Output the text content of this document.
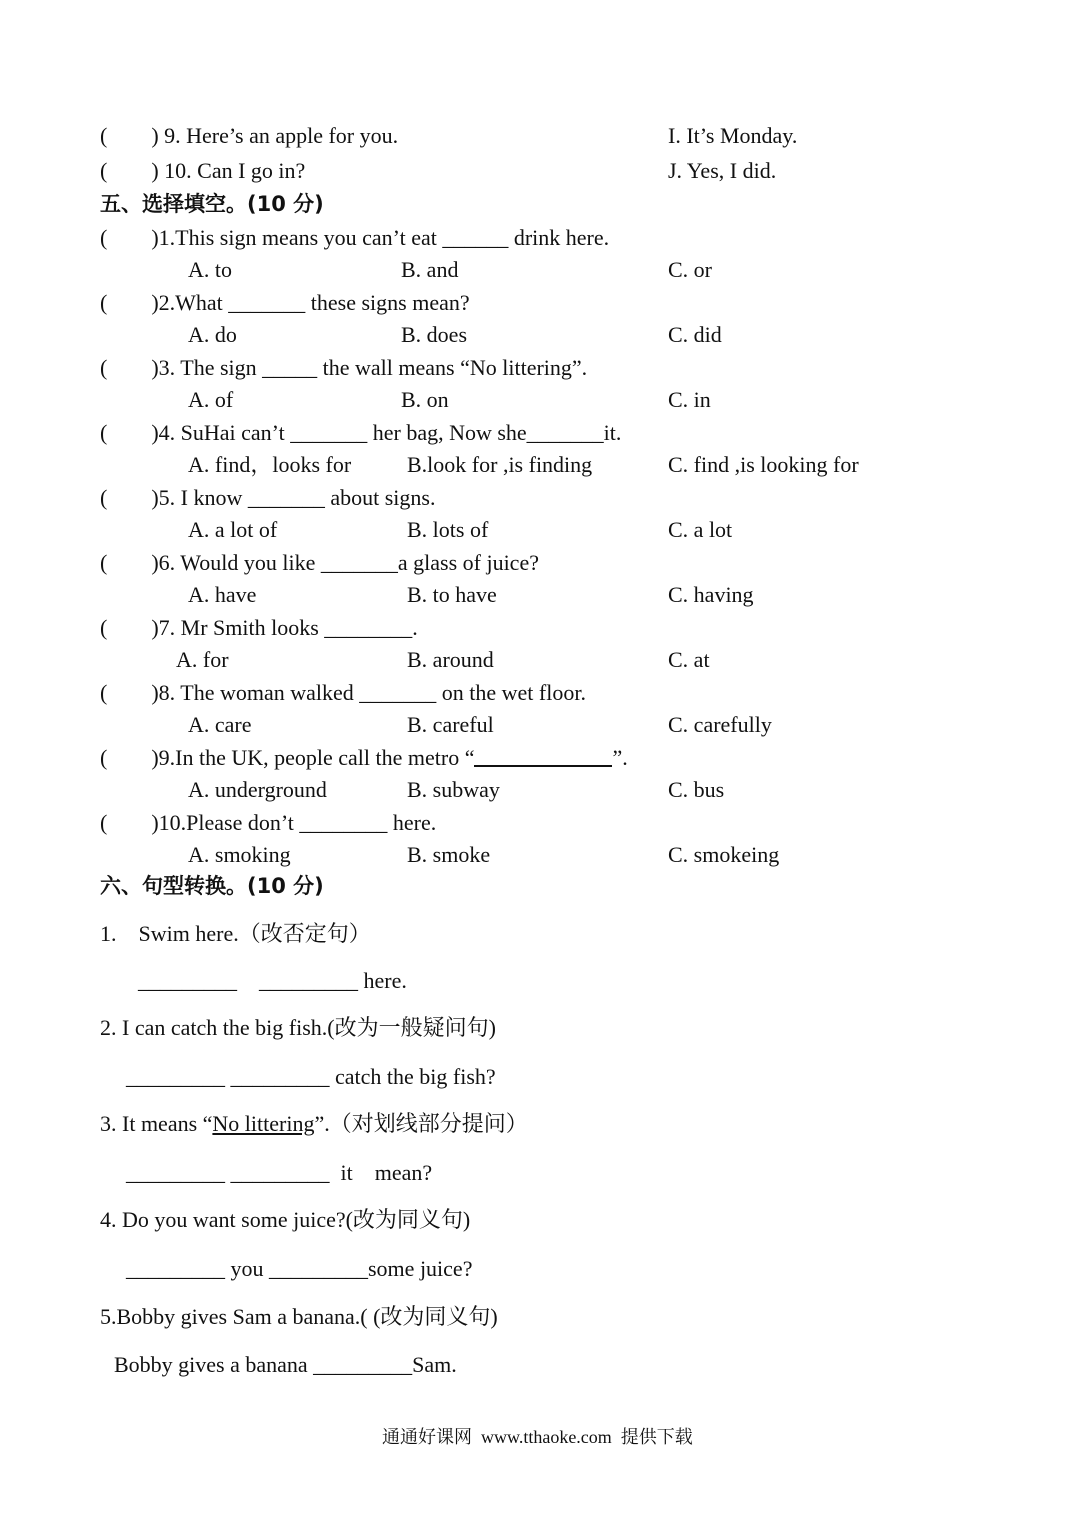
(        ) 9. Here’s an apple for you.	I. It’s Monday.
(        ) 10. Can I go in?	J. Yes, I did.
五、选择填空。(10 分)
(        )1.This sign means you can’t eat ______ drink here.
A. to	B. and	C. or
(        )2.What _______ these signs mean?
A. do	B. does	C. did
(        )3. The sign _____ the wall means “No littering”.
A. of	B. on	C. in
(        )4. SuHai can’t _______ her bag, Now she_______it.
A. find，looks for	B.look for ,is finding	C. find ,is looking for
(        )5. I know _______ about signs.
A. a lot of	B. lots of	C. a lot
(        )6. Would you like _______a glass of juice?
A. have	B. to have	C. having
(        )7. Mr Smith looks ________.
A. for	B. around	C. at
(        )8. The woman walked _______ on the wet floor.
A. care	B. careful	C. carefully
(        )9.In the UK, people call the metro “	”.
A. underground	B. subway	C. bus
(        )10.Please don’t ________ here.
A. smoking	B. smoke	C. smokeing
六、句型转换。(10 分)
1.    Swim here.（改否定句）
_________    _________ here.
2. I can catch the big fish.(改为一般疑问句)
_________ _________ catch the big fish?
3. It means “No littering”.（对划线部分提问）
_________ _________  it    mean?
4. Do you want some juice?(改为同义句)
_________ you _________some juice?
5.Bobby gives Sam a banana.( (改为同义句)
Bobby gives a banana _________Sam.
通通好课网  www.tthaoke.com  提供下载
